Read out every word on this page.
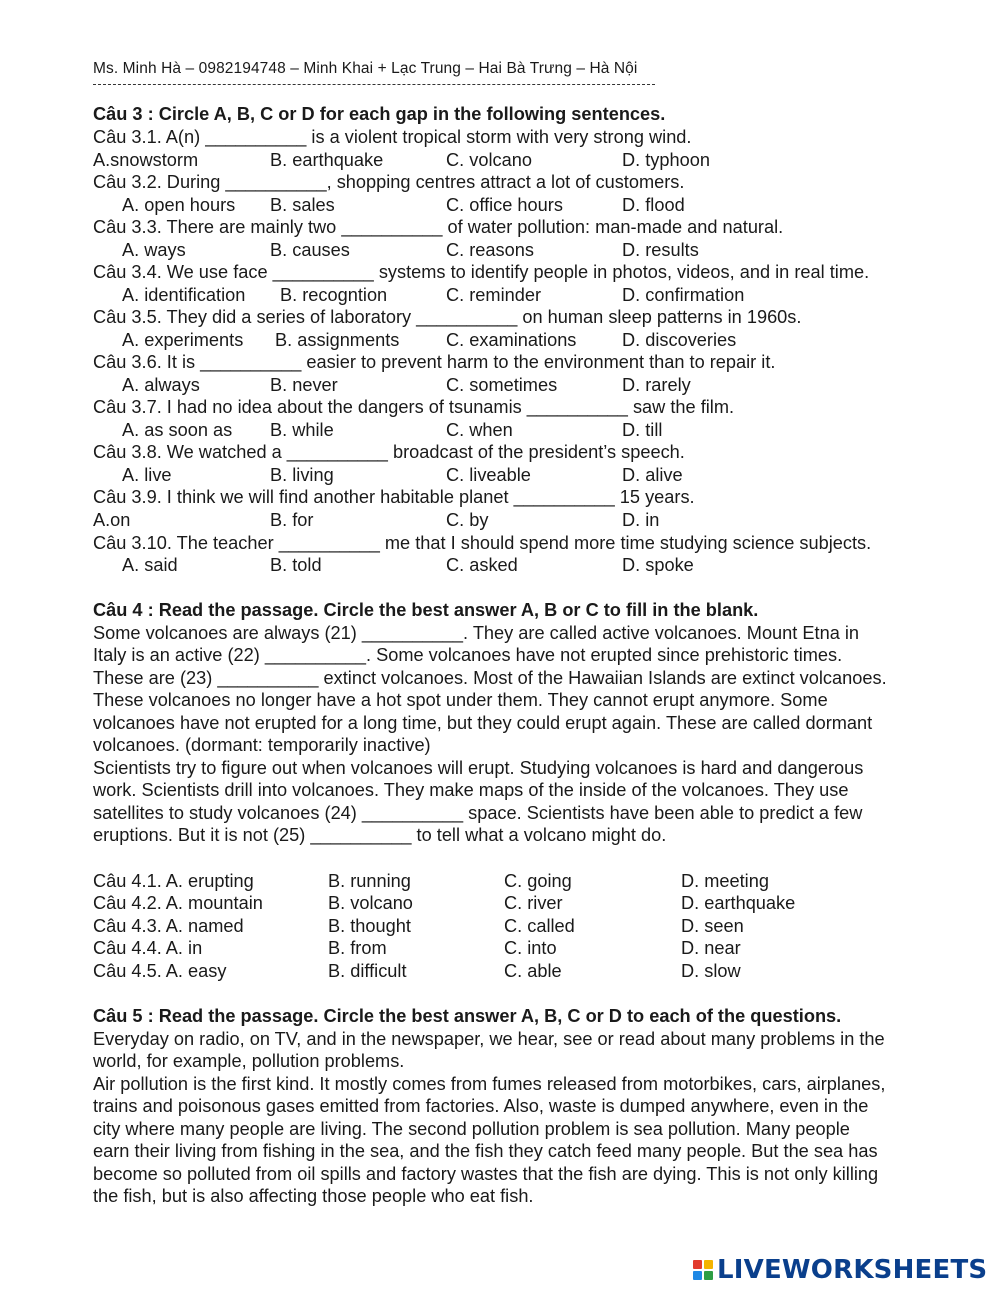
Ms. Minh Hà – 0982194748 – Minh Khai + Lạc Trung – Hai Bà Trưng – Hà Nội
Câu 3 : Circle A, B, C or D for each gap in the following sentences.
Câu 3.1. A(n) __________ is a violent tropical storm with very strong wind.
A.snowstorm	B. earthquake	C. volcano	D. typhoon
Câu 3.2. During __________, shopping centres attract a lot of customers.
A. open hours B. sales	C. office hours	D. flood
Câu 3.3. There are mainly two __________ of water pollution: man-made and natural.
A. ways	B. causes	C. reasons	D. results
Câu 3.4. We use face __________ systems to identify people in photos, videos, and in real time.
A. identification B. recogntion	C. reminder	D. confirmation
Câu 3.5. They did a series of laboratory __________ on human sleep patterns in 1960s.
A. experiments B. assignments	C. examinations	D. discoveries
Câu 3.6. It is __________ easier to prevent harm to the environment than to repair it.
A. always	B. never	C. sometimes	D. rarely
Câu 3.7. I had no idea about the dangers of tsunamis __________ saw the film.
A. as soon as B. while	C. when	D. till
Câu 3.8. We watched a __________ broadcast of the president’s speech.
A. live	B. living	C. liveable	D. alive
Câu 3.9. I think we will find another habitable planet __________ 15 years.
A.on	B. for	C. by	D. in
Câu 3.10. The teacher __________ me that I should spend more time studying science subjects.
A. said	B. told	C. asked	D. spoke
Câu 4 : Read the passage. Circle the best answer A, B or C to fill in the blank.
Some volcanoes are always (21) __________. They are called active volcanoes. Mount Etna in
Italy is an active (22) __________. Some volcanoes have not erupted since prehistoric times.
These are (23) __________ extinct volcanoes. Most of the Hawaiian Islands are extinct volcanoes.
These volcanoes no longer have a hot spot under them. They cannot erupt anymore. Some
volcanoes have not erupted for a long time, but they could erupt again. These are called dormant
volcanoes. (dormant: temporarily inactive)
Scientists try to figure out when volcanoes will erupt. Studying volcanoes is hard and dangerous
work. Scientists drill into volcanoes. They make maps of the inside of the volcanoes. They use
satellites to study volcanoes (24) __________ space. Scientists have been able to predict a few
eruptions. But it is not (25) __________ to tell what a volcano might do.
Câu 4.1. A. erupting	B. running	C. going	D. meeting
Câu 4.2. A. mountain	B. volcano	C. river	D. earthquake
Câu 4.3. A. named	B. thought	C. called	D. seen
Câu 4.4. A. in	B. from	C. into	D. near
Câu 4.5. A. easy	B. difficult	C. able	D. slow
Câu 5 : Read the passage. Circle the best answer A, B, C or D to each of the questions.
Everyday on radio, on TV, and in the newspaper, we hear, see or read about many problems in the
world, for example, pollution problems.
Air pollution is the first kind. It mostly comes from fumes released from motorbikes, cars, airplanes,
trains and poisonous gases emitted from factories. Also, waste is dumped anywhere, even in the
city where many people are living. The second pollution problem is sea pollution. Many people
earn their living from fishing in the sea, and the fish they catch feed many people. But the sea has
become so polluted from oil spills and factory wastes that the fish are dying. This is not only killing
the fish, but is also affecting those people who eat fish.
LIVEWORKSHEETS
